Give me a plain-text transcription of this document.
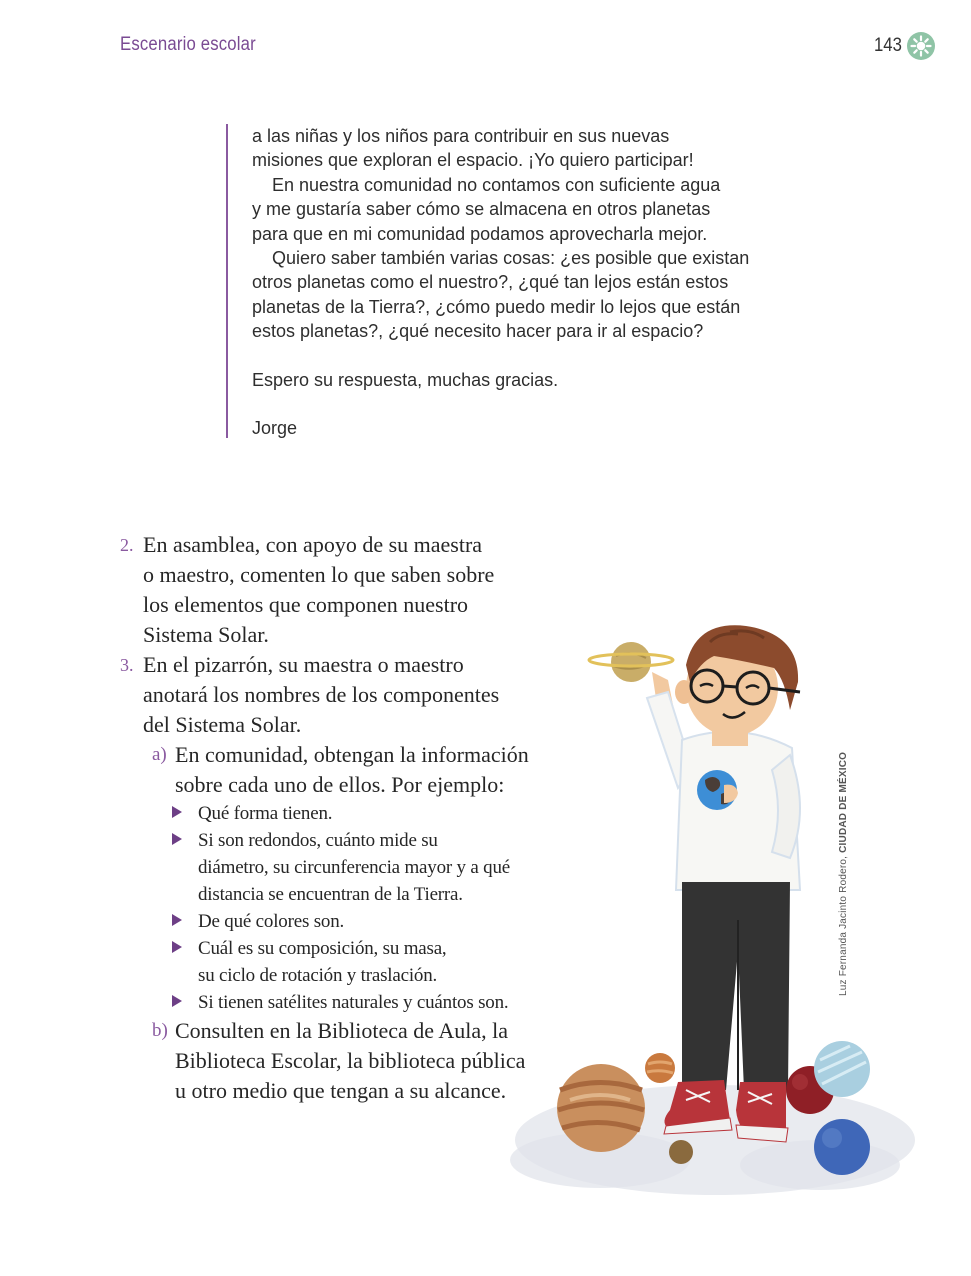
Escenario escolar	143

a las niñas y los niños para contribuir en sus nuevas
misiones que exploran el espacio. ¡Yo quiero participar!

En nuestra comunidad no contamos con suficiente agua
y me gustaría saber cómo se almacena en otros planetas
para que en mi comunidad podamos aprovecharla mejor.

Quiero saber también varias cosas: ¿es posible que existan
otros planetas como el nuestro?, ¿qué tan lejos están estos
planetas de la Tierra?, ¿cómo puedo medir lo lejos que están
estos planetas?, ¿qué necesito hacer para ir al espacio?

Espero su respuesta, muchas gracias.

Jorge

2. En asamblea, con apoyo de su maestra
o maestro, comenten lo que saben sobre
los elementos que componen nuestro
Sistema Solar.
3. En el pizarrón, su maestra o maestro
anotará los nombres de los componentes
del Sistema Solar.
a) En comunidad, obtengan la información
sobre cada uno de ellos. Por ejemplo:
Qué forma tienen.
Si son redondos, cuánto mide su
diámetro, su circunferencia mayor y a qué
distancia se encuentran de la Tierra.
De qué colores son.
Cuál es su composición, su masa,
su ciclo de rotación y traslación.
Si tienen satélites naturales y cuántos son.
b) Consulten en la Biblioteca de Aula, la
Biblioteca Escolar, la biblioteca pública
u otro medio que tengan a su alcance.
Luz Fernanda Jacinto Rodero, CIUDAD DE MÉXICO
